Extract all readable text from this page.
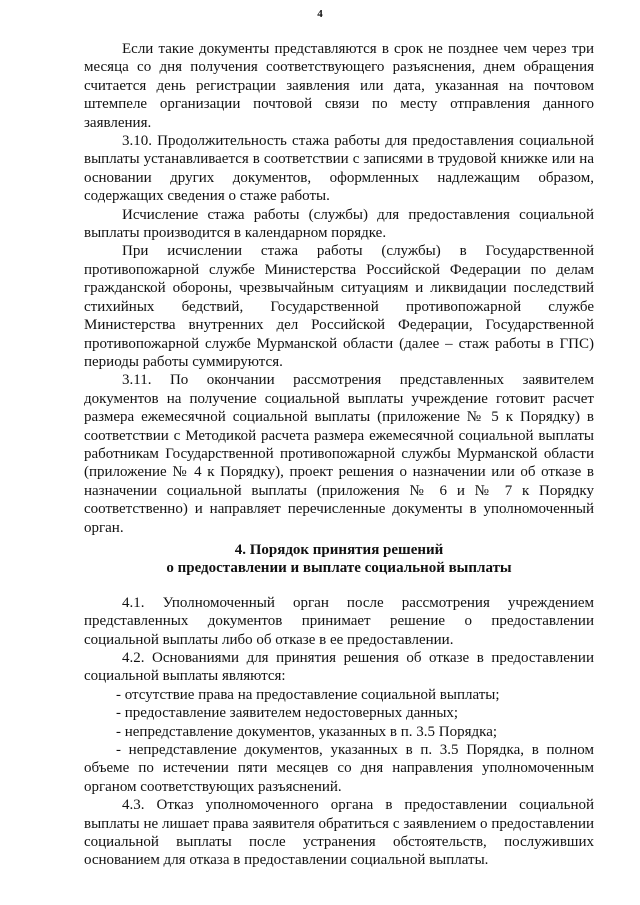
4

Если такие документы представляются в срок не позднее чем через три месяца со дня получения соответствующего разъяснения, днем обращения считается день регистрации заявления или дата, указанная на почтовом штемпеле организации почтовой связи по месту отправления данного заявления.

3.10. Продолжительность стажа работы для предоставления социальной выплаты устанавливается в соответствии с записями в трудовой книжке или на основании других документов, оформленных надлежащим образом, содержащих сведения о стаже работы.

Исчисление стажа работы (службы) для предоставления социальной выплаты производится в календарном порядке.

При исчислении стажа работы (службы) в Государственной противопожарной службе Министерства Российской Федерации по делам гражданской обороны, чрезвычайным ситуациям и ликвидации последствий стихийных бедствий, Государственной противопожарной службе Министерства внутренних дел Российской Федерации, Государственной противопожарной службе Мурманской области (далее – стаж работы в ГПС) периоды работы суммируются.

3.11. По окончании рассмотрения представленных заявителем документов на получение социальной выплаты учреждение готовит расчет размера ежемесячной социальной выплаты (приложение № 5 к Порядку) в соответствии с Методикой расчета размера ежемесячной социальной выплаты работникам Государственной противопожарной службы Мурманской области (приложение № 4 к Порядку), проект решения о назначении или об отказе в назначении социальной выплаты (приложения № 6 и № 7 к Порядку соответственно) и направляет перечисленные документы в уполномоченный орган.

4. Порядок принятия решений
о предоставлении и выплате социальной выплаты

4.1. Уполномоченный орган после рассмотрения учреждением представленных документов принимает решение о предоставлении социальной выплаты либо об отказе в ее предоставлении.

4.2. Основаниями для принятия решения об отказе в предоставлении социальной выплаты являются:

- отсутствие права на предоставление социальной выплаты;

- предоставление заявителем недостоверных данных;

- непредставление документов, указанных в п. 3.5 Порядка;

- непредставление документов, указанных в п. 3.5 Порядка, в полном объеме по истечении пяти месяцев со дня направления уполномоченным органом соответствующих разъяснений.

4.3. Отказ уполномоченного органа в предоставлении социальной выплаты не лишает права заявителя обратиться с заявлением о предоставлении социальной выплаты после устранения обстоятельств, послуживших основанием для отказа в предоставлении социальной выплаты.
